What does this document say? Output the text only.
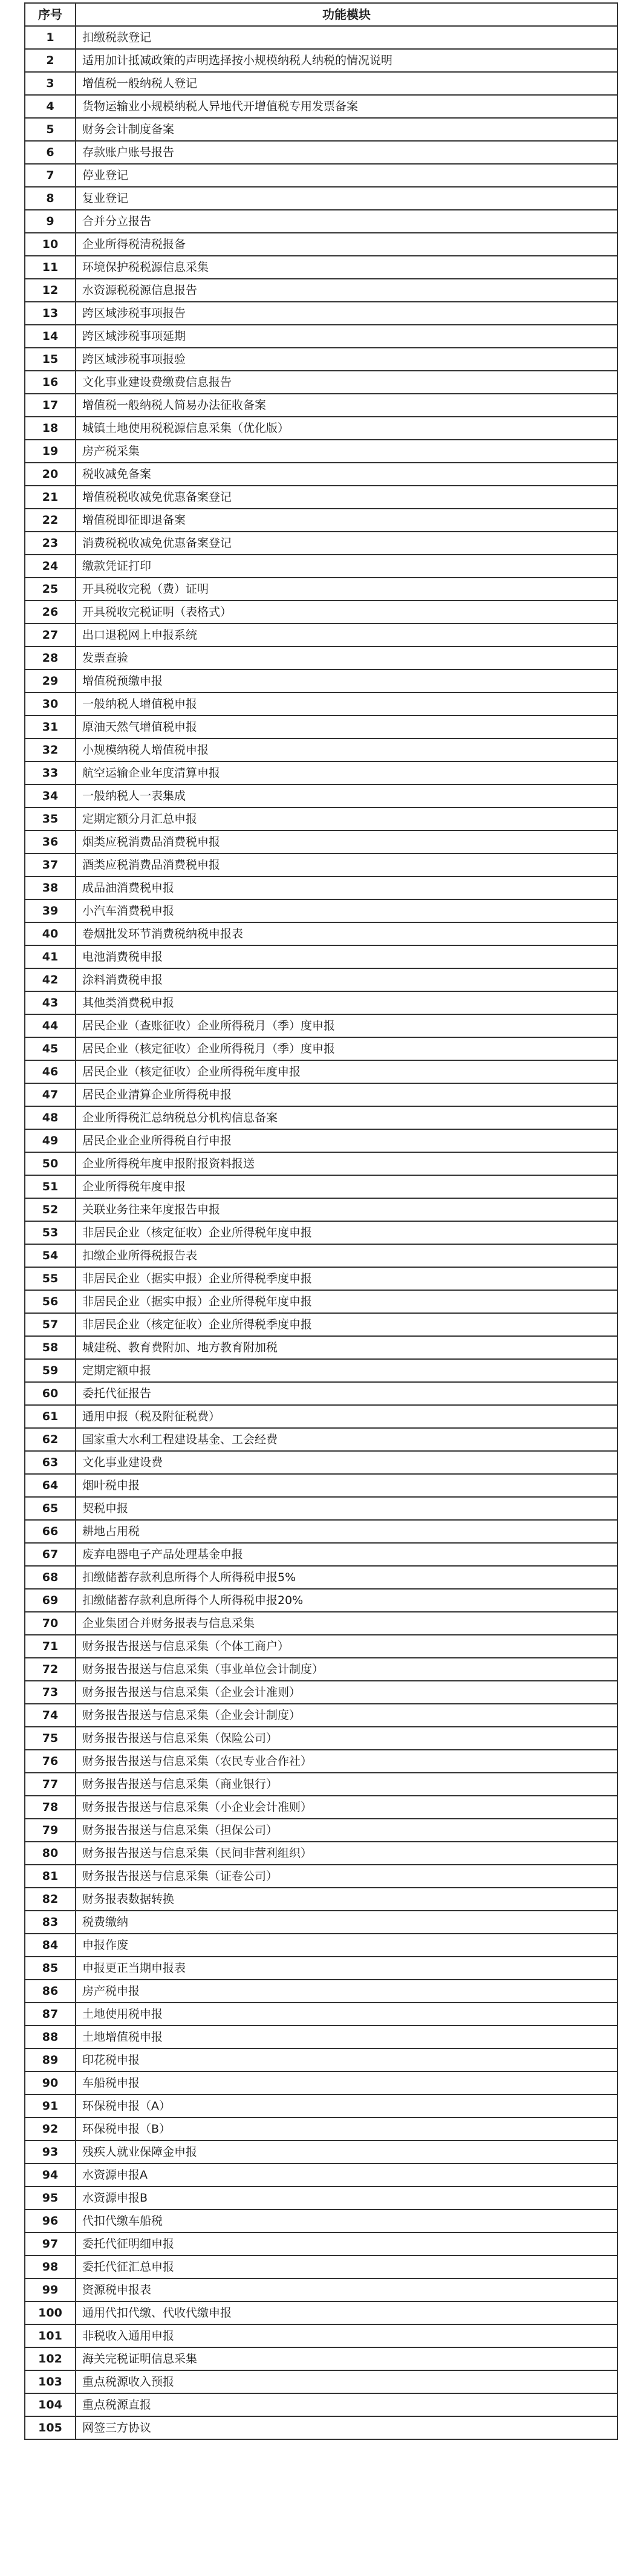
序号	功能模块
1	扣缴税款登记
2	适用加计抵减政策的声明选择按小规模纳税人纳税的情况说明
3	增值税一般纳税人登记
4	货物运输业小规模纳税人异地代开增值税专用发票备案
5	财务会计制度备案
6	存款账户账号报告
7	停业登记
8	复业登记
9	合并分立报告
10	企业所得税清税报备
11	环境保护税税源信息采集
12	水资源税税源信息报告
13	跨区域涉税事项报告
14	跨区域涉税事项延期
15	跨区域涉税事项报验
16	文化事业建设费缴费信息报告
17	增值税一般纳税人简易办法征收备案
18	城镇土地使用税税源信息采集（优化版）
19	房产税采集
20	税收减免备案
21	增值税税收减免优惠备案登记
22	增值税即征即退备案
23	消费税税收减免优惠备案登记
24	缴款凭证打印
25	开具税收完税（费）证明
26	开具税收完税证明（表格式）
27	出口退税网上申报系统
28	发票查验
29	增值税预缴申报
30	一般纳税人增值税申报
31	原油天然气增值税申报
32	小规模纳税人增值税申报
33	航空运输企业年度清算申报
34	一般纳税人一表集成
35	定期定额分月汇总申报
36	烟类应税消费品消费税申报
37	酒类应税消费品消费税申报
38	成品油消费税申报
39	小汽车消费税申报
40	卷烟批发环节消费税纳税申报表
41	电池消费税申报
42	涂料消费税申报
43	其他类消费税申报
44	居民企业（查账征收）企业所得税月（季）度申报
45	居民企业（核定征收）企业所得税月（季）度申报
46	居民企业（核定征收）企业所得税年度申报
47	居民企业清算企业所得税申报
48	企业所得税汇总纳税总分机构信息备案
49	居民企业企业所得税自行申报
50	企业所得税年度申报附报资料报送
51	企业所得税年度申报
52	关联业务往来年度报告申报
53	非居民企业（核定征收）企业所得税年度申报
54	扣缴企业所得税报告表
55	非居民企业（据实申报）企业所得税季度申报
56	非居民企业（据实申报）企业所得税年度申报
57	非居民企业（核定征收）企业所得税季度申报
58	城建税、教育费附加、地方教育附加税
59	定期定额申报
60	委托代征报告
61	通用申报（税及附征税费）
62	国家重大水利工程建设基金、工会经费
63	文化事业建设费
64	烟叶税申报
65	契税申报
66	耕地占用税
67	废弃电器电子产品处理基金申报
68	扣缴储蓄存款利息所得个人所得税申报5%
69	扣缴储蓄存款利息所得个人所得税申报20%
70	企业集团合并财务报表与信息采集
71	财务报告报送与信息采集（个体工商户）
72	财务报告报送与信息采集（事业单位会计制度）
73	财务报告报送与信息采集（企业会计准则）
74	财务报告报送与信息采集（企业会计制度）
75	财务报告报送与信息采集（保险公司）
76	财务报告报送与信息采集（农民专业合作社）
77	财务报告报送与信息采集（商业银行）
78	财务报告报送与信息采集（小企业会计准则）
79	财务报告报送与信息采集（担保公司）
80	财务报告报送与信息采集（民间非营利组织）
81	财务报告报送与信息采集（证卷公司）
82	财务报表数据转换
83	税费缴纳
84	申报作废
85	申报更正当期申报表
86	房产税申报
87	土地使用税申报
88	土地增值税申报
89	印花税申报
90	车船税申报
91	环保税申报（A）
92	环保税申报（B）
93	残疾人就业保障金申报
94	水资源申报A
95	水资源申报B
96	代扣代缴车船税
97	委托代征明细申报
98	委托代征汇总申报
99	资源税申报表
100	通用代扣代缴、代收代缴申报
101	非税收入通用申报
102	海关完税证明信息采集
103	重点税源收入预报
104	重点税源直报
105	网签三方协议
